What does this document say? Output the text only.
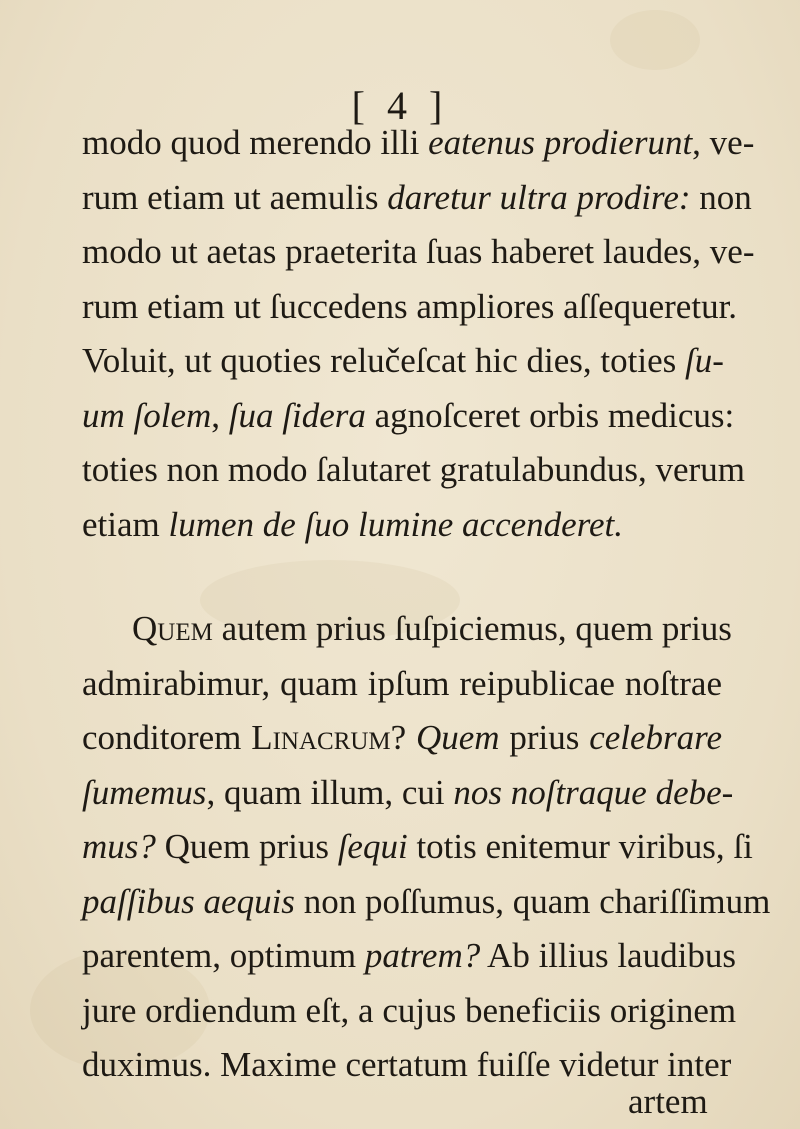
[ 4 ]
modo quod merendo illi eatenus prodierunt, ve-
rum etiam ut aemulis daretur ultra prodire: non
modo ut aetas praeterita ſuas haberet laudes, ve-
rum etiam ut ſuccedens ampliores aſſequeretur.
Voluit, ut quoties relučeſcat hic dies, toties ſu-
um ſolem, ſua ſidera agnoſceret orbis medicus:
toties non modo ſalutaret gratulabundus, verum
etiam lumen de ſuo lumine accenderet.
Quem autem prius ſuſpiciemus, quem prius
admirabimur, quam ipſum reipublicae noſtrae
conditorem Linacrum? Quem prius celebrare
ſumemus, quam illum, cui nos noſtraque debe-
mus? Quem prius ſequi totis enitemur viribus, ſi
paſſibus aequis non poſſumus, quam chariſſimum
parentem, optimum patrem? Ab illius laudibus
jure ordiendum eſt, a cujus beneficiis originem
duximus. Maxime certatum fuiſſe videtur inter
artem
